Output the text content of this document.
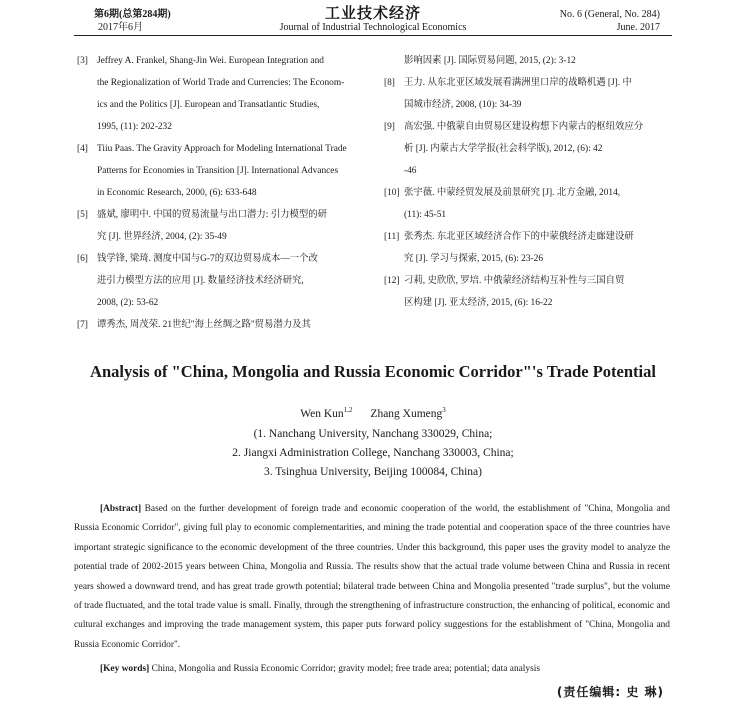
第6期(总第284期)
2017年6月
工业技术经济
Journal of Industrial Technological Economics
No. 6 (General, No. 284)
June. 2017
[3] Jeffrey A. Frankel, Shang-Jin Wei. European Integration and
the Regionalization of World Trade and Currencies: The Econom-
ics and the Politics [J]. European and Transatlantic Studies,
1995, (11): 202-232
[4] Tiiu Paas. The Gravity Approach for Modeling International Trade
Patterns for Economies in Transition [J]. International Advances
in Economic Research, 2000, (6): 633-648
[5] 盛斌, 廖明中. 中国的贸易流量与出口潜力: 引力模型的研
究 [J]. 世界经济, 2004, (2): 35-49
[6] 钱学锋, 梁琦. 测度中国与G-7的双边贸易成本—一个改
进引力模型方法的应用 [J]. 数量经济技术经济研究,
2008, (2): 53-62
[7] 谭秀杰, 周茂荣. 21世纪"海上丝绸之路"贸易潜力及其
影响因素 [J]. 国际贸易问题, 2015, (2): 3-12
[8] 王力. 从东北亚区域发展看满洲里口岸的战略机遇 [J]. 中
国城市经济, 2008, (10): 34-39
[9] 高宏强. 中俄蒙自由贸易区建设构想下内蒙古的枢纽效应分
析 [J]. 内蒙古大学学报(社会科学版), 2012, (6): 42
-46
[10] 张宇薇. 中蒙经贸发展及前景研究 [J]. 北方金融, 2014,
(11): 45-51
[11] 张秀杰. 东北亚区域经济合作下的中蒙俄经济走廊建设研
究 [J]. 学习与探索, 2015, (6): 23-26
[12] 刁莉, 史欣欣, 罗培. 中俄蒙经济结构互补性与三国自贸
区构建 [J]. 亚太经济, 2015, (6): 16-22
Analysis of "China, Mongolia and Russia Economic Corridor"'s Trade Potential
Wen Kun$^{1,2}$ Zhang Xumeng$^3$
(1. Nanchang University, Nanchang 330029, China;
2. Jiangxi Administration College, Nanchang 330003, China;
3. Tsinghua University, Beijing 100084, China)

[Abstract] Based on the further development of foreign trade and economic cooperation of the world, the establishment of "China, Mongolia and Russia Economic Corridor", giving full play to economic complementarities, and mining the trade potential and cooperation space of the three countries have important strategic significance to the economic development of the three countries. Under this background, this paper uses the gravity model to analyze the potential trade of 2002-2015 years between China, Mongolia and Russia. The results show that the actual trade volume between China and Russia in recent years showed a downward trend, and has great trade growth potential; bilateral trade between China and Mongolia presented "trade surplus", but the volume of trade fluctuated, and the total trade value is small. Finally, through the strengthening of infrastructure construction, the enhancing of political, economic and cultural exchanges and improving the trade management system, this paper puts forward policy suggestions for the establishment of "China, Mongolia and Russia Economic Corridor".

[Key words] China, Mongolia and Russia Economic Corridor; gravity model; free trade area; potential; data analysis
(责任编辑: 史 琳)
